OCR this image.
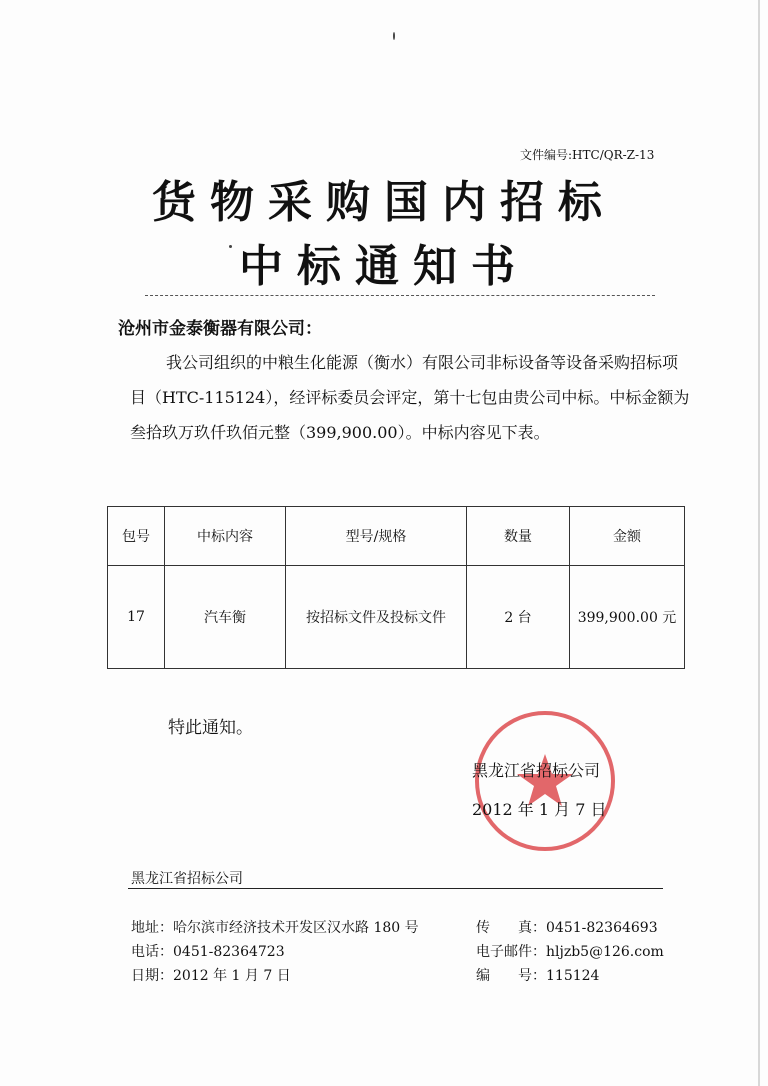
文件编号:HTC/QR-Z-13
货物采购国内招标
中标通知书
沧州市金泰衡器有限公司：

我公司组织的中粮生化能源（衡水）有限公司非标设备等设备采购招标项目（HTC-115124），经评标委员会评定，第十七包由贵公司中标。中标金额为叁拾玖万玖仟玖佰元整（399,900.00）。中标内容见下表。

包号	中标内容	型号/规格	数量	金额
17	汽车衡	按招标文件及投标文件	2 台	399,900.00 元
特此通知。
黑龙江省招标公司
2012 年 1 月 7 日
黑龙江省招标公司
地址：哈尔滨市经济技术开发区汉水路 180 号
电话：0451-82364723
日期：2012 年 1 月 7 日
传　　真：0451-82364693
电子邮件：hljzb5@126.com
编　　号：115124
